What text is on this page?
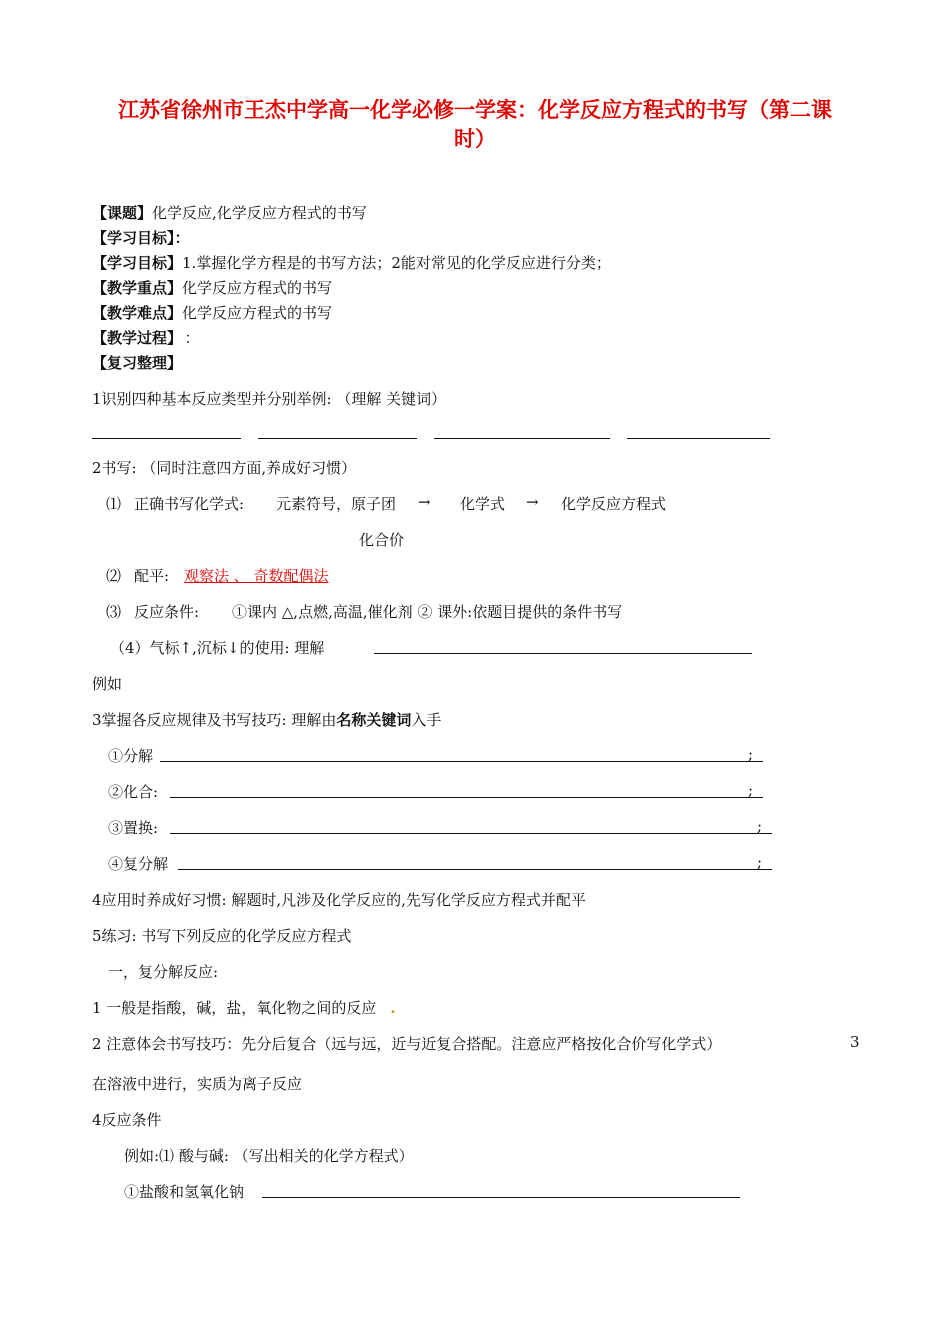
江苏省徐州市王杰中学高一化学必修一学案：化学反应方程式的书写（第二课
时）
【课题】化学反应,化学反应方程式的书写
【学习目标】：
【学习目标】1.掌握化学方程是的书写方法；2能对常见的化学反应进行分类；
【教学重点】化学反应方程式的书写
【教学难点】化学反应方程式的书写
【教学过程】 ：
【复习整理】
1识别四种基本反应类型并分别举例: （理解 关键词）
2书写: （同时注意四方面,养成好习惯）
⑴ 正确书写化学式: 元素符号，原子团 → 化学式 → 化学反应方程式
化合价
⑵ 配平: 观察法 、 奇数配偶法
⑶ 反应条件: ①课内 △,点燃,高温,催化剂 ② 课外:依题目提供的条件书写
（4）气标↑,沉标↓的使用: 理解
例如
3掌握各反应规律及书写技巧: 理解由名称关键词入手
①分解	;
②化合:	;
③置换:	;
④复分解	;
4应用时养成好习惯: 解题时,凡涉及化学反应的,先写化学反应方程式并配平
5练习: 书写下列反应的化学反应方程式
一，复分解反应:
1 一般是指酸，碱，盐，氧化物之间的反应 .
2 注意体会书写技巧：先分后复合（远与远，近与近复合搭配。注意应严格按化合价写化学式）	3
在溶液中进行，实质为离子反应
4反应条件
例如:⑴ 酸与碱: （写出相关的化学方程式）
①盐酸和氢氧化钠
